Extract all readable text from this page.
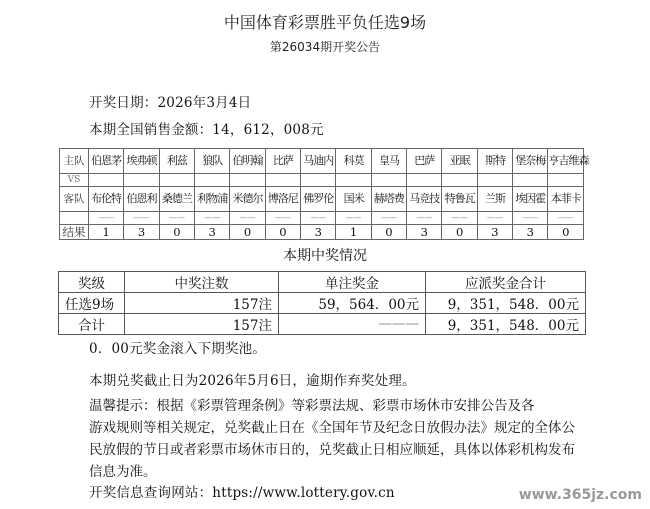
中国体育彩票胜平负任选9场
第26034期开奖公告
开奖日期：2026年3月4日
本期全国销售金额：14，612，008元
主队	伯恩茅	埃弗顿	利兹	狼队	伯明翰	比萨	马迪内	科莫	皇马	巴萨	亚眠	斯特	堡奈梅	亨吉维森
VS														
客队	布伦特	伯恩利	桑德兰	利物浦	米德尔	博洛尼	佛罗伦	国米	赫塔费	马竞技	特鲁瓦	兰斯	埃因霍	本菲卡
	——	——	——	——	——	——	——	——	——	——	——	——	——	——
结果	1	3	0	3	0	0	3	1	0	3	0	3	3	0
本期中奖情况
奖级	中奖注数	单注奖金	应派奖金合计
任选9场	157注	59，564．00元	9，351，548．00元
合计	157注	———	9，351，548．00元
0．00元奖金滚入下期奖池。
本期兑奖截止日为2026年5月6日，逾期作弃奖处理。

温馨提示：根据《彩票管理条例》等彩票法规、彩票市场休市安排公告及各

游戏规则等相关规定，兑奖截止日在《全国年节及纪念日放假办法》规定的全体公

民放假的节日或者彩票市场休市日的，兑奖截止日相应顺延，具体以体彩机构发布

信息为准。

开奖信息查询网站：https://www.lottery.gov.cn	www.365jz.com
